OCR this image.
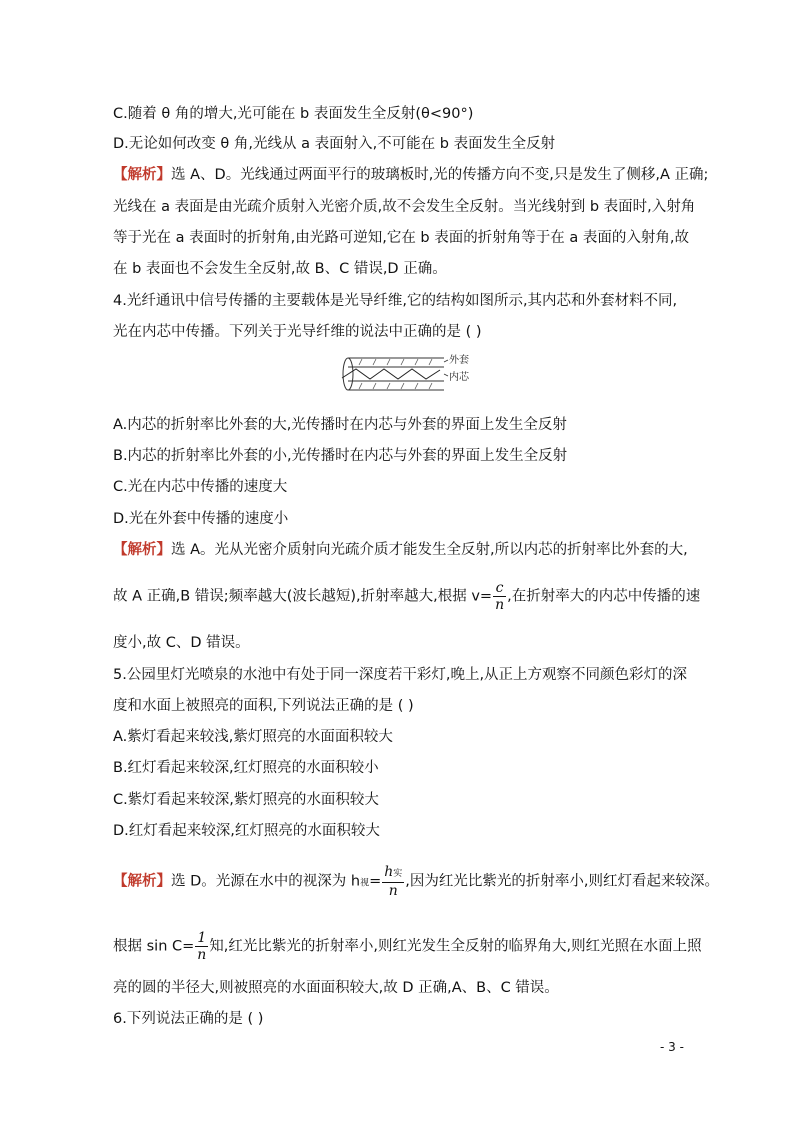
C.随着 θ 角的增大,光可能在 b 表面发生全反射(θ<90°)
D.无论如何改变 θ 角,光线从 a 表面射入,不可能在 b 表面发生全反射
【解析】选 A、D。光线通过两面平行的玻璃板时,光的传播方向不变,只是发生了侧移,A 正确;
光线在 a 表面是由光疏介质射入光密介质,故不会发生全反射。当光线射到 b 表面时,入射角
等于光在 a 表面时的折射角,由光路可逆知,它在 b 表面的折射角等于在 a 表面的入射角,故
在 b 表面也不会发生全反射,故 B、C 错误,D 正确。
4.光纤通讯中信号传播的主要载体是光导纤维,它的结构如图所示,其内芯和外套材料不同,
光在内芯中传播。下列关于光导纤维的说法中正确的是 ( )
外套
内芯
A.内芯的折射率比外套的大,光传播时在内芯与外套的界面上发生全反射
B.内芯的折射率比外套的小,光传播时在内芯与外套的界面上发生全反射
C.光在内芯中传播的速度大
D.光在外套中传播的速度小
【解析】选 A。光从光密介质射向光疏介质才能发生全反射,所以内芯的折射率比外套的大,
故 A 正确,B 错误;频率越大(波长越短),折射率越大,根据 $v= \frac{c}{n}$ ,在折射率大的内芯中传播的速
度小,故 C、D 错误。
5.公园里灯光喷泉的水池中有处于同一深度若干彩灯,晚上,从正上方观察不同颜色彩灯的深
度和水面上被照亮的面积,下列说法正确的是 ( )
A.紫灯看起来较浅,紫灯照亮的水面面积较大
B.红灯看起来较深,红灯照亮的水面积较小
C.紫灯看起来较深,紫灯照亮的水面积较大
D.红灯看起来较深,红灯照亮的水面积较大
【解析】选 D。光源在水中的视深为 h视= $\frac{\text{h实}}{n}$ ,因为红光比紫光的折射率小,则红灯看起来较深。
根据 $\sin C= \frac{1}{n}$ 知,红光比紫光的折射率小,则红光发生全反射的临界角大,则红光照在水面上照
亮的圆的半径大,则被照亮的水面面积较大,故 D 正确,A、B、C 错误。
6.下列说法正确的是 ( )
- 3 -
